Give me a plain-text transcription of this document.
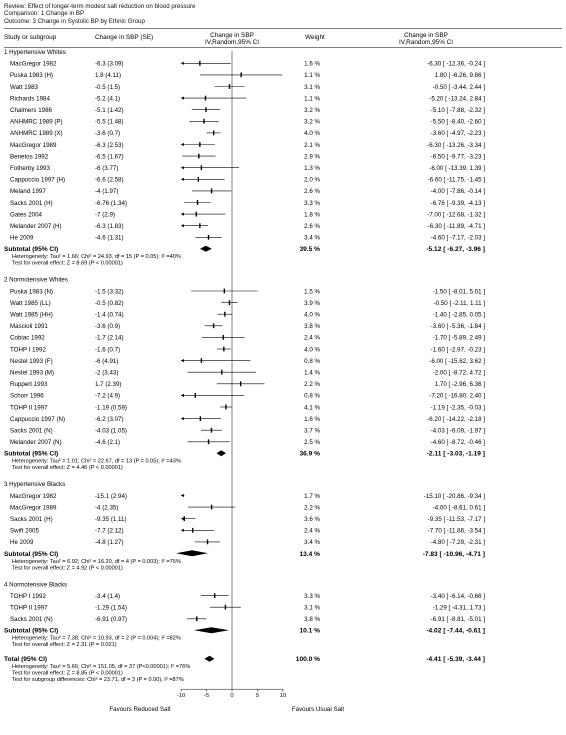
Review: Effect of longer-term modest salt reduction on blood pressure
Comparison: 1 Change in BP
Outcome: 3 Change in Systolic BP by Ethnic Group
Study or subgroup	Change in SBP (SE)	Change in SBP
IV,Random,95% CI
Weight	Change in SBP
IV,Random,95% CI
1 Hypertensive Whites
MacGregor 1982	-6.3 (3.09)	1.6 %	-6.30 [ -12.36, -0.24 ]
Puska 1983 (H)	1.8 (4.11)	1.1 %	1.80 [ -6.26, 9.86 ]
Watt 1983	-0.5 (1.5)	3.1 %	-0.50 [ -3.44, 2.44 ]
Richards 1984	-5.2 (4.1)	1.1 %	-5.20 [ -13.24, 2.84 ]
Chalmers 1986	-5.1 (1.42)	3.2 %	-5.10 [ -7.88, -2.32 ]
ANHMRC 1989 (P)	-5.5 (1.48)	3.2 %	-5.50 [ -8.40, -2.60 ]
ANHMRC 1989 (X)	-3.6 (0.7)	4.0 %	-3.60 [ -4.97, -2.23 ]
MacGregor 1989	-6.3 (2.53)	2.1 %	-6.30 [ -13.26, -3.34 ]
Benetos 1992	-6.5 (1.67)	2.9 %	-6.50 [ -9.77, -3.23 ]
Fotherby 1993	-6 (3.77)	1.3 %	-6.00 [ -13.39, 1.39 ]
Cappuccio 1997 (H)	-6.6 (2.58)	2.0 %	-6.60 [ -11.75, -1.45 ]
Meland 1997	-4 (1.97)	2.6 %	-4.00 [ -7.86, -0.14 ]
Sacks 2001 (H)	-6.76 (1.34)	3.3 %	-6.76 [ -9.39, -4.13 ]
Gates 2004	-7 (2.9)	1.8 %	-7.00 [ -12.68, -1.32 ]
Melander 2007 (H)	-6.3 (1.83)	2.6 %	-6.30 [ -11.89, -4.71 ]
He 2009	-4.6 (1.31)	3.4 %	-4.60 [ -7.17, -2.03 ]
Subtotal (95% CI)	39.5 %	-5.12 [ -6.27, -3.96 ]
Heterogeneity: Tau² = 1.66; Chi² = 24.93, df = 15 (P = 0.05); I² =40%
Test for overall effect: Z = 8.69 (P < 0.00001)
2 Normotensive Whites
Puska 1983 (N)	-1.5 (3.32)	1.5 %	-1.50 [ -8.01, 5.01 ]
Watt 1985 (LL)	-0.5 (0.82)	3.9 %	-0.50 [ -2.11, 1.11 ]
Watt 1985 (HH)	-1.4 (0.74)	4.0 %	-1.40 [ -2.85, 0.05 ]
Mascioli 1991	-3.6 (0.9)	3.8 %	-3.60 [ -5.36, -1.84 ]
Cobiac 1992	-1.7 (2.14)	2.4 %	-1.70 [ -5.89, 2.49 ]
TOHP I 1992	-1.6 (0.7)	4.0 %	-1.60 [ -2.97, -0.23 ]
Nestel 1993 (F)	-6 (4.91)	0.8 %	-6.00 [ -15.62, 3.62 ]
Nestel 1993 (M)	-2 (3.43)	1.4 %	-2.00 [ -8.72, 4.72 ]
Ruppert 1993	1.7 (2.39)	2.2 %	1.70 [ -2.96, 6.36 ]
Schorr 1996	-7.2 (4.9)	0.8 %	-7.20 [ -16.80, 2.40 ]
TOHP II 1997	-1.19 (0.59)	4.1 %	-1.19 [ -2.35, -0.03 ]
Cappuccio 1997 (N)	-6.2 (3.07)	1.6 %	-6.20 [ -14.22, -2.18 ]
Sacks 2001 (N)	-4.03 (1.05)	3.7 %	-4.03 [ -6.09, -1.97 ]
Melander 2007 (N)	-4.6 (2.1)	2.5 %	-4.60 [ -8.72, -0.46 ]
Subtotal (95% CI)	36.9 %	-2.11 [ -3.03, -1.19 ]
Heterogeneity: Tau² = 1.01; Chi² = 22.67, df = 13 (P = 0.05); I² =43%
Test for overall effect: Z = 4.46 (P < 0.00001)
3 Hypertensive Blacks
MacGregor 1982	-15.1 (2.94)	1.7 %	-15.10 [ -20.86, -9.34 ]
MacGregor 1989	-4 (2.35)	2.2 %	-4.00 [ -8.61, 0.61 ]
Sacks 2001 (H)	-9.35 (1.11)	3.6 %	-9.35 [ -11.53, -7.17 ]
Swift 2005	-7.7 (2.12)	2.4 %	-7.70 [ -11.86, -3.54 ]
He 2009	-4.8 (1.27)	3.4 %	-4.80 [ -7.29, -2.31 ]
Subtotal (95% CI)	13.4 %	-7.83 [ -10.96, -4.71 ]
Heterogeneity: Tau² = 6.92; Chi² = 16.20, df = 4 (P = 0.003); I² =75%
Test for overall effect: Z = 4.92 (P < 0.00001)
4 Normotensive Blacks
TOHP I 1992	-3.4 (1.4)	3.3 %	-3.40 [ -6.14, -0.66 ]
TOHP II 1997	-1.29 (1.54)	3.1 %	-1.29 [ -4.31, 1.73 ]
Sacks 2001 (N)	-6.91 (0.97)	3.8 %	-6.91 [ -8.81, -5.01 ]
Subtotal (95% CI)	10.1 %	-4.02 [ -7.44, -0.61 ]
Heterogeneity: Tau² = 7.38; Chi² = 10.93, df = 2 (P = 0.004); I² =82%
Test for overall effect: Z = 2.31 (P = 0.021)
Total (95% CI)	100.0 %	-4.41 [ -5.39, -3.44 ]
Heterogeneity: Tau² = 5.66; Chi² = 151.05, df = 37 (P<0.00001); I² =76%
Test for overall effect: Z = 8.85 (P < 0.00001)
Test for subgroup differences: Chi² = 23.71, df = 3 (P = 0.00), I² =87%
-10	-5	0	5	10
Favours Reduced Salt	Favours Usual Salt
